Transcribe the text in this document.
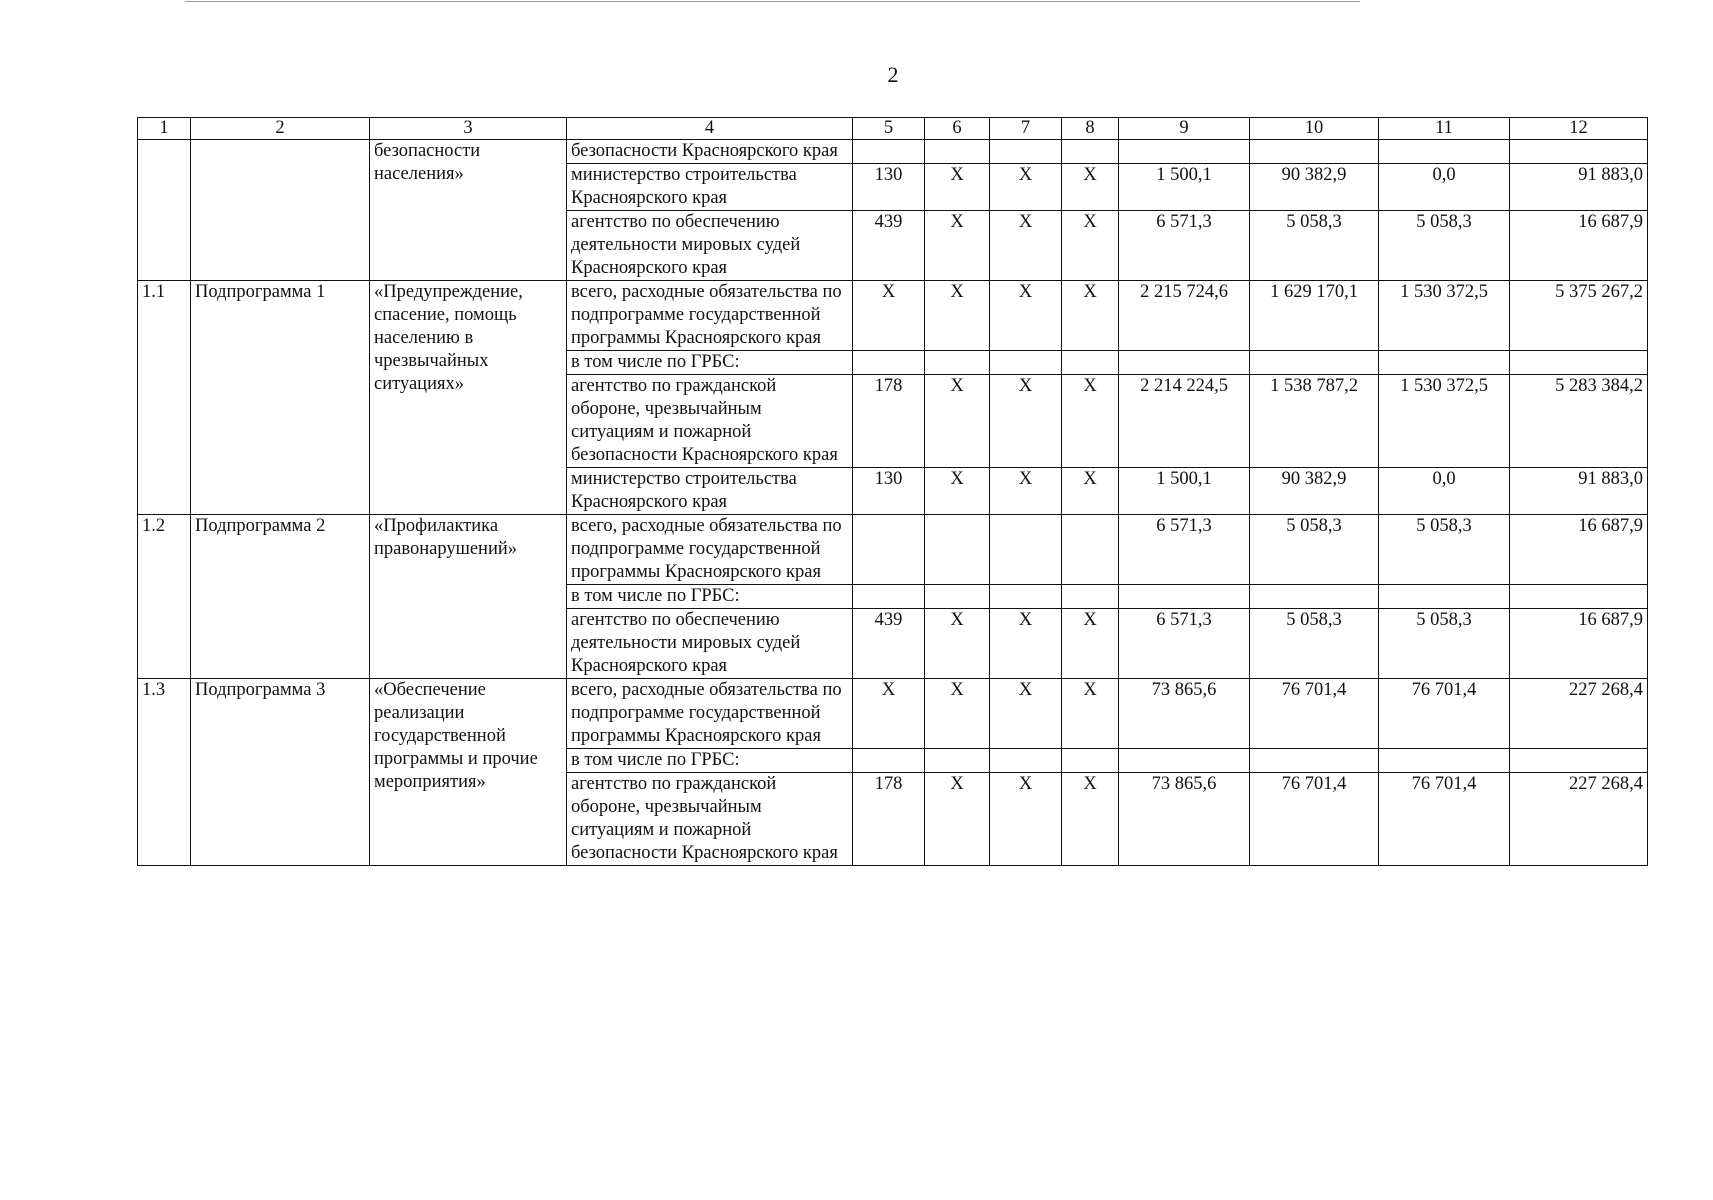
2
1	2	3	4	5	6	7	8	9	10	11	12
		безопасности населения»	безопасности Красноярского края								
			министерство строительства Красноярского края	130	Х	Х	Х	1 500,1	90 382,9	0,0	91 883,0
			агентство по обеспечению деятельности мировых судей Красноярского края	439	Х	Х	Х	6 571,3	5 058,3	5 058,3	16 687,9
1.1	Подпрограмма 1	«Предупреждение, спасение, помощь населению в чрезвычайных ситуациях»	всего, расходные обязательства по подпрограмме государственной программы Красноярского края	Х	Х	Х	Х	2 215 724,6	1 629 170,1	1 530 372,5	5 375 267,2
			в том числе по ГРБС:								
			агентство по гражданской обороне, чрезвычайным ситуациям и пожарной безопасности Красноярского края	178	Х	Х	Х	2 214 224,5	1 538 787,2	1 530 372,5	5 283 384,2
			министерство строительства Красноярского края	130	Х	Х	Х	1 500,1	90 382,9	0,0	91 883,0
1.2	Подпрограмма 2	«Профилактика правонарушений»	всего, расходные обязательства по подпрограмме государственной программы Красноярского края					6 571,3	5 058,3	5 058,3	16 687,9
			в том числе по ГРБС:								
			агентство по обеспечению деятельности мировых судей Красноярского края	439	Х	Х	Х	6 571,3	5 058,3	5 058,3	16 687,9
1.3	Подпрограмма 3	«Обеспечение реализации государственной программы и прочие мероприятия»	всего, расходные обязательства по подпрограмме государственной программы Красноярского края	Х	Х	Х	Х	73 865,6	76 701,4	76 701,4	227 268,4
			в том числе по ГРБС:								
			агентство по гражданской обороне, чрезвычайным ситуациям и пожарной безопасности Красноярского края	178	Х	Х	Х	73 865,6	76 701,4	76 701,4	227 268,4
